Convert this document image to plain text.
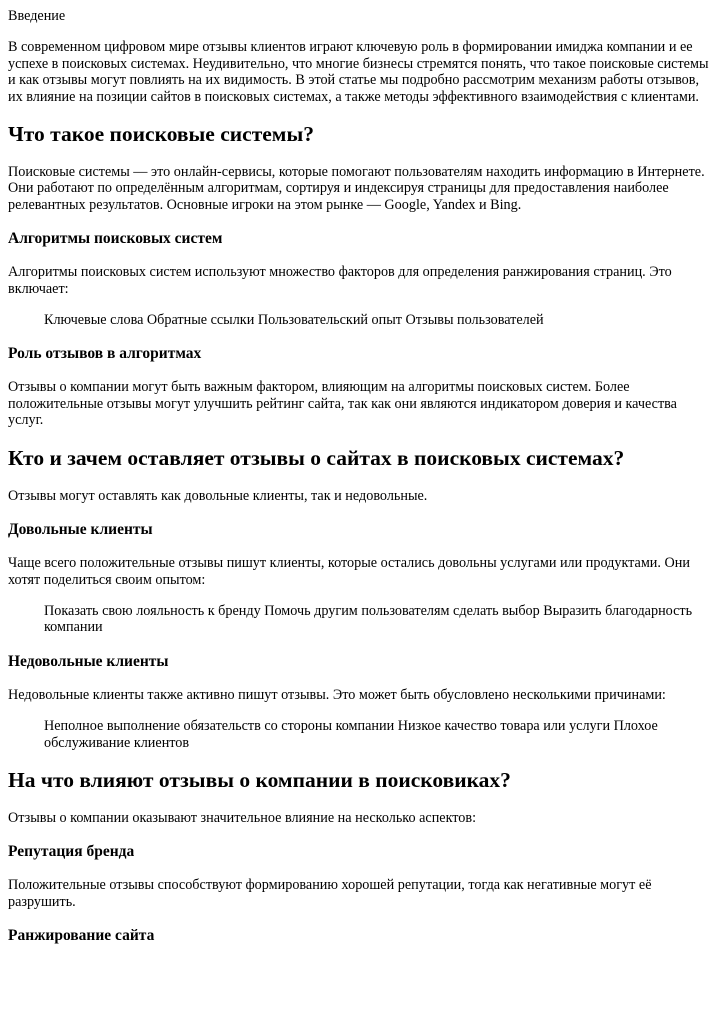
Введение

В современном цифровом мире отзывы клиентов играют ключевую роль в формировании имиджа компании и ее успехе в поисковых системах. Неудивительно, что многие бизнесы стремятся понять, что такое поисковые системы и как отзывы могут повлиять на их видимость. В этой статье мы подробно рассмотрим механизм работы отзывов, их влияние на позиции сайтов в поисковых системах, а также методы эффективного взаимодействия с клиентами.

Что такое поисковые системы?

Поисковые системы — это онлайн-сервисы, которые помогают пользователям находить информацию в Интернете. Они работают по определённым алгоритмам, сортируя и индексируя страницы для предоставления наиболее релевантных результатов. Основные игроки на этом рынке — Google, Yandex и Bing.

Алгоритмы поисковых систем

Алгоритмы поисковых систем используют множество факторов для определения ранжирования страниц. Это включает:

Ключевые слова Обратные ссылки Пользовательский опыт Отзывы пользователей
Роль отзывов в алгоритмах

Отзывы о компании могут быть важным фактором, влияющим на алгоритмы поисковых систем. Более положительные отзывы могут улучшить рейтинг сайта, так как они являются индикатором доверия и качества услуг.

Кто и зачем оставляет отзывы о сайтах в поисковых системах?

Отзывы могут оставлять как довольные клиенты, так и недовольные.

Довольные клиенты

Чаще всего положительные отзывы пишут клиенты, которые остались довольны услугами или продуктами. Они хотят поделиться своим опытом:

Показать свою лояльность к бренду Помочь другим пользователям сделать выбор Выразить благодарность компании
Недовольные клиенты

Недовольные клиенты также активно пишут отзывы. Это может быть обусловлено несколькими причинами:

Неполное выполнение обязательств со стороны компании Низкое качество товара или услуги Плохое обслуживание клиентов
На что влияют отзывы о компании в поисковиках?

Отзывы о компании оказывают значительное влияние на несколько аспектов:

Репутация бренда

Положительные отзывы способствуют формированию хорошей репутации, тогда как негативные могут её разрушить.

Ранжирование сайта
